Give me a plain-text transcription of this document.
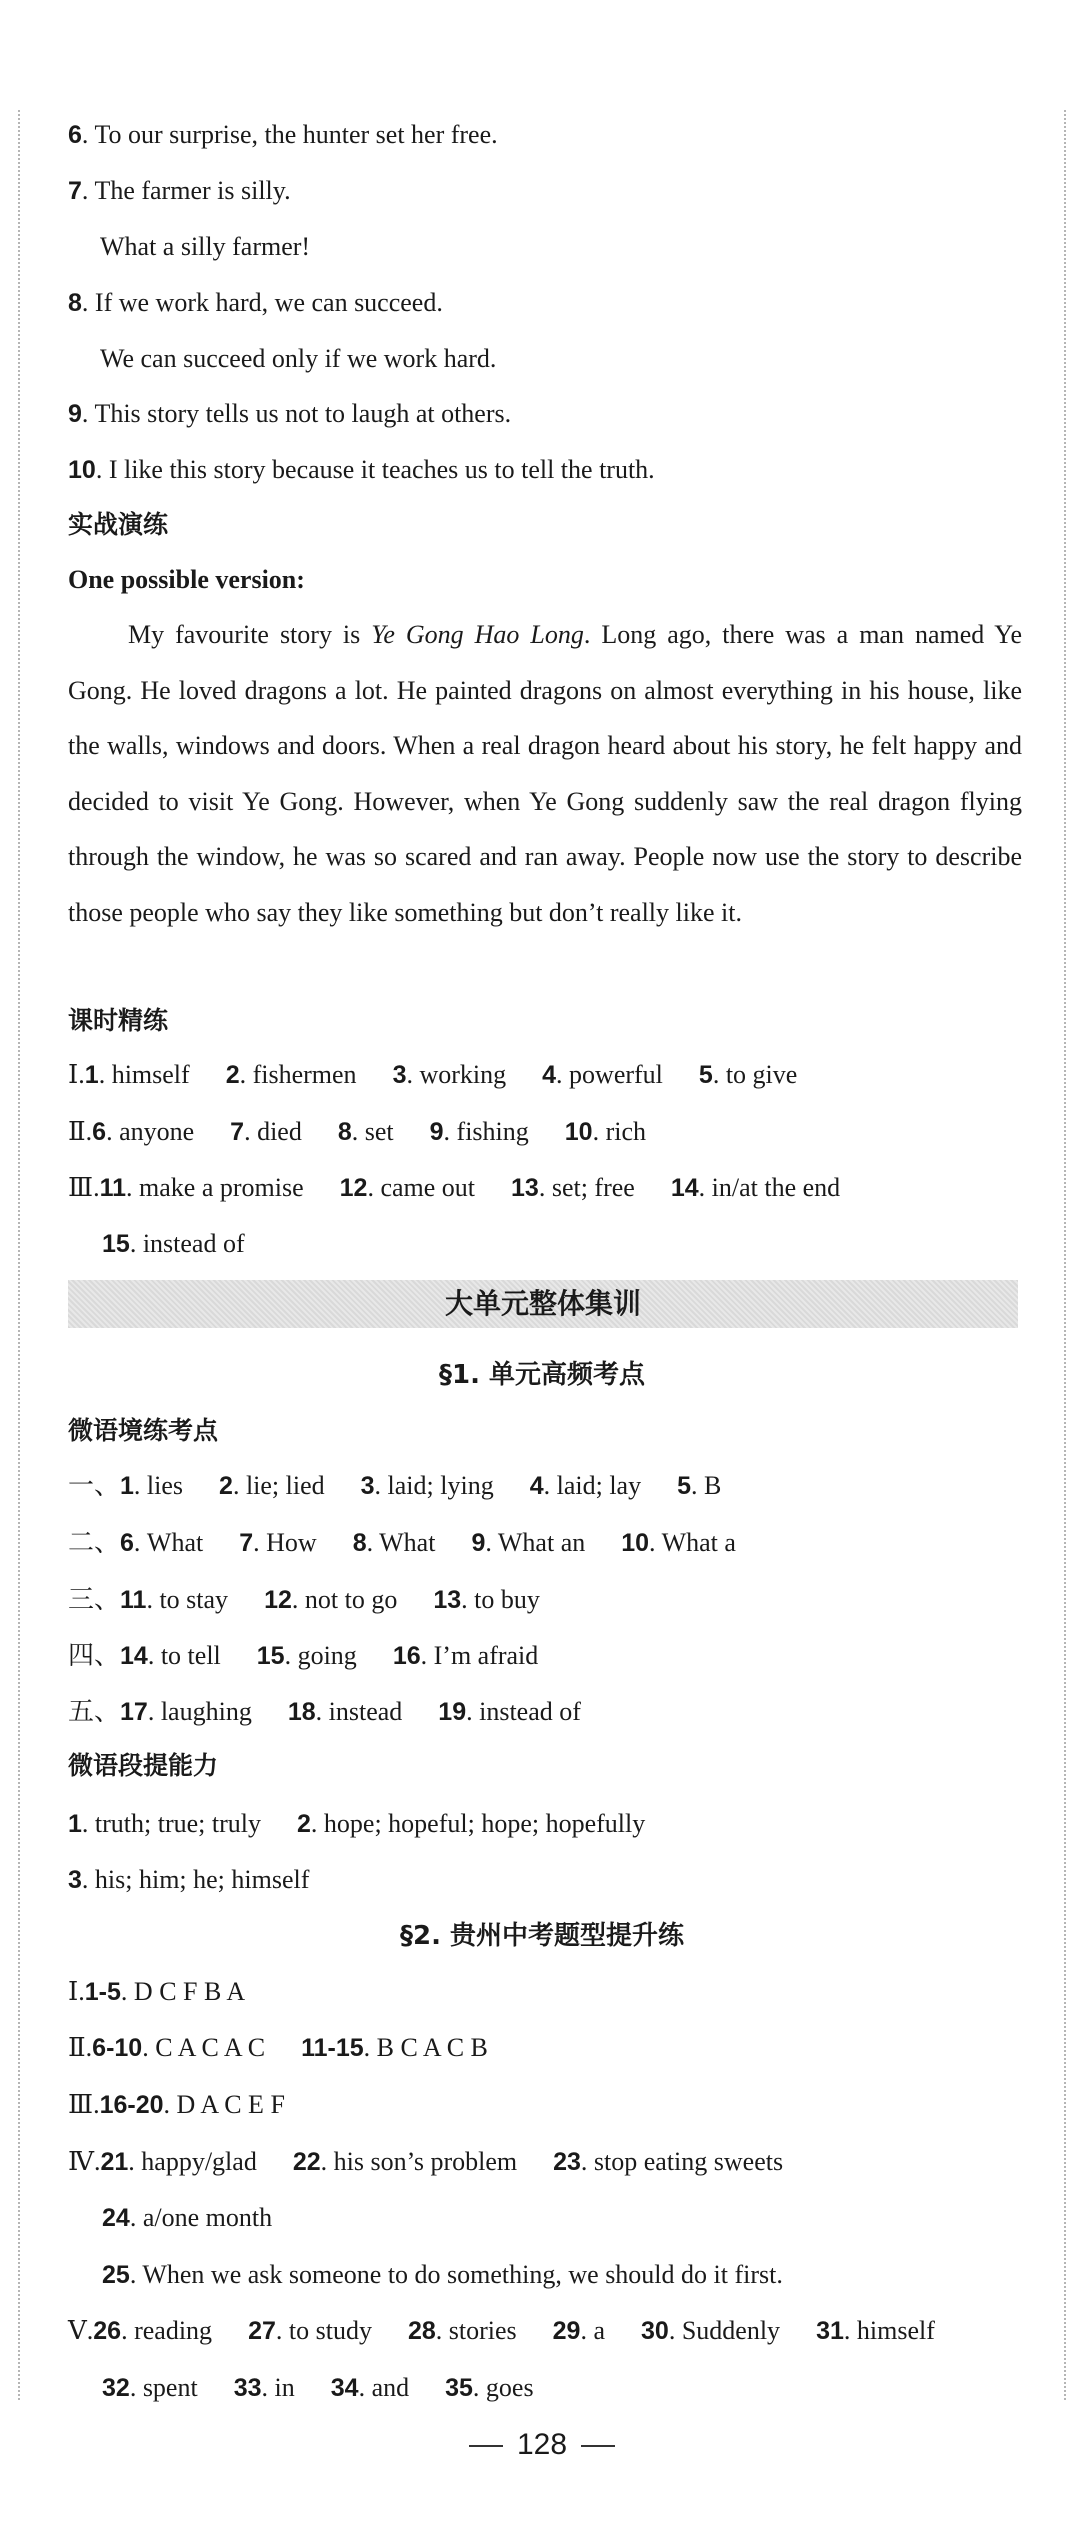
6. To our surprise, the hunter set her free.
7. The farmer is silly.
What a silly farmer!
8. If we work hard, we can succeed.
We can succeed only if we work hard.
9. This story tells us not to laugh at others.
10. I like this story because it teaches us to tell the truth.
实战演练
One possible version:
My favourite story is Ye Gong Hao Long. Long ago, there was a man named Ye Gong. He loved dragons a lot. He painted dragons on almost everything in his house, like the walls, windows and doors. When a real dragon heard about his story, he felt happy and decided to visit Ye Gong. However, when Ye Gong suddenly saw the real dragon flying through the window, he was so scared and ran away. People now use the story to describe those people who say they like something but don’t really like it.
课时精练
Ⅰ.1. himself 2. fishermen 3. working 4. powerful 5. to give
Ⅱ.6. anyone 7. died 8. set 9. fishing 10. rich
Ⅲ.11. make a promise 12. came out 13. set; free 14. in/at the end
15. instead of
大单元整体集训
§1. 单元高频考点
微语境练考点
一、1. lies 2. lie; lied 3. laid; lying 4. laid; lay 5. B
二、6. What 7. How 8. What 9. What an 10. What a
三、11. to stay 12. not to go 13. to buy
四、14. to tell 15. going 16. I’m afraid
五、17. laughing 18. instead 19. instead of
微语段提能力
1. truth; true; truly 2. hope; hopeful; hope; hopefully
3. his; him; he; himself
§2. 贵州中考题型提升练
Ⅰ.1-5. D C F B A
Ⅱ.6-10. C A C A C 11-15. B C A C B
Ⅲ.16-20. D A C E F
Ⅳ.21. happy/glad 22. his son’s problem 23. stop eating sweets
24. a/one month
25. When we ask someone to do something, we should do it first.
Ⅴ.26. reading 27. to study 28. stories 29. a 30. Suddenly 31. himself
32. spent 33. in 34. and 35. goes
128
